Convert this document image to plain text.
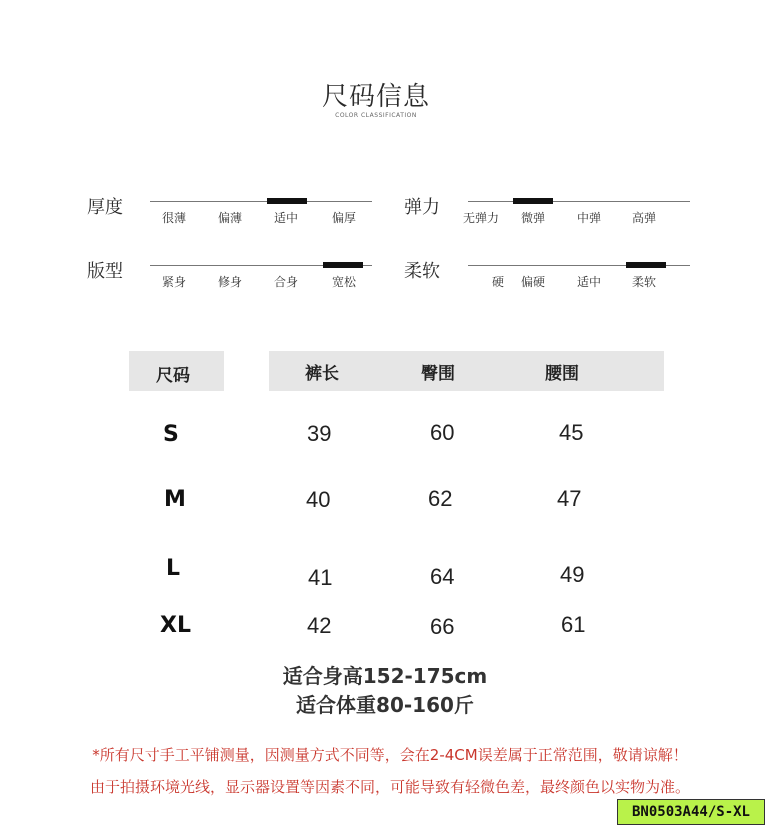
尺码信息
COLOR CLASSIFICATION
厚度	很薄	偏薄	适中	偏厚	弹力 无弹力 微弹	中弹	高弹
版型	紧身	修身	合身	宽松	柔软	硬 偏硬	适中	柔软
尺码	裤长	臀围	腰围
S	39	60	45
M	40	62	47
L	41	64	49
XL	42	66	61
适合身高152-175cm
适合体重80-160斤
*所有尺寸手工平铺测量，因测量方式不同等，会在2-4CM误差属于正常范围，敬请谅解！
由于拍摄环境光线，显示器设置等因素不同，可能导致有轻微色差，最终颜色以实物为准。
BN0503A44/S-XL
